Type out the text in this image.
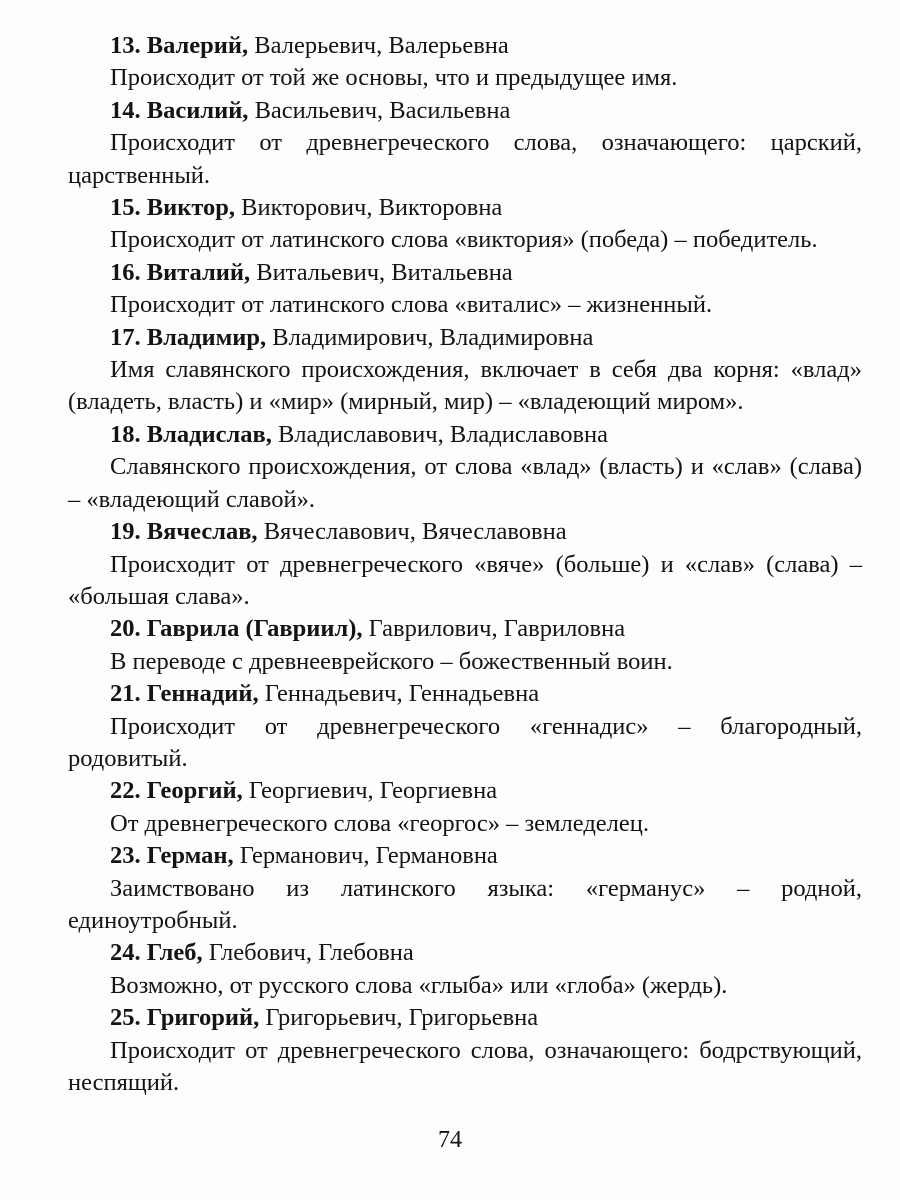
13. Валерий, Валерьевич, Валерьевна

Происходит от той же основы, что и предыдущее имя.

14. Василий, Васильевич, Васильевна

Происходит от древнегреческого слова, означающего: царский, царственный.

15. Виктор, Викторович, Викторовна

Происходит от латинского слова «виктория» (победа) – победитель.

16. Виталий, Витальевич, Витальевна

Происходит от латинского слова «виталис» – жизненный.

17. Владимир, Владимирович, Владимировна

Имя славянского происхождения, включает в себя два корня: «влад» (владеть, власть) и «мир» (мирный, мир) – «владеющий миром».

18. Владислав, Владиславович, Владиславовна

Славянского происхождения, от слова «влад» (власть) и «слав» (слава) – «владеющий славой».

19. Вячеслав, Вячеславович, Вячеславовна

Происходит от древнегреческого «вяче» (больше) и «слав» (слава) – «большая слава».

20. Гаврила (Гавриил), Гаврилович, Гавриловна

В переводе с древнееврейского – божественный воин.

21. Геннадий, Геннадьевич, Геннадьевна

Происходит от древнегреческого «геннадис» – благородный, родовитый.

22. Георгий, Георгиевич, Георгиевна

От древнегреческого слова «георгос» – земледелец.

23. Герман, Германович, Германовна

Заимствовано из латинского языка: «германус» – родной, единоутробный.

24. Глеб, Глебович, Глебовна

Возможно, от русского слова «глыба» или «глоба» (жердь).

25. Григорий, Григорьевич, Григорьевна

Происходит от древнегреческого слова, означающего: бодрствующий, неспящий.

74
